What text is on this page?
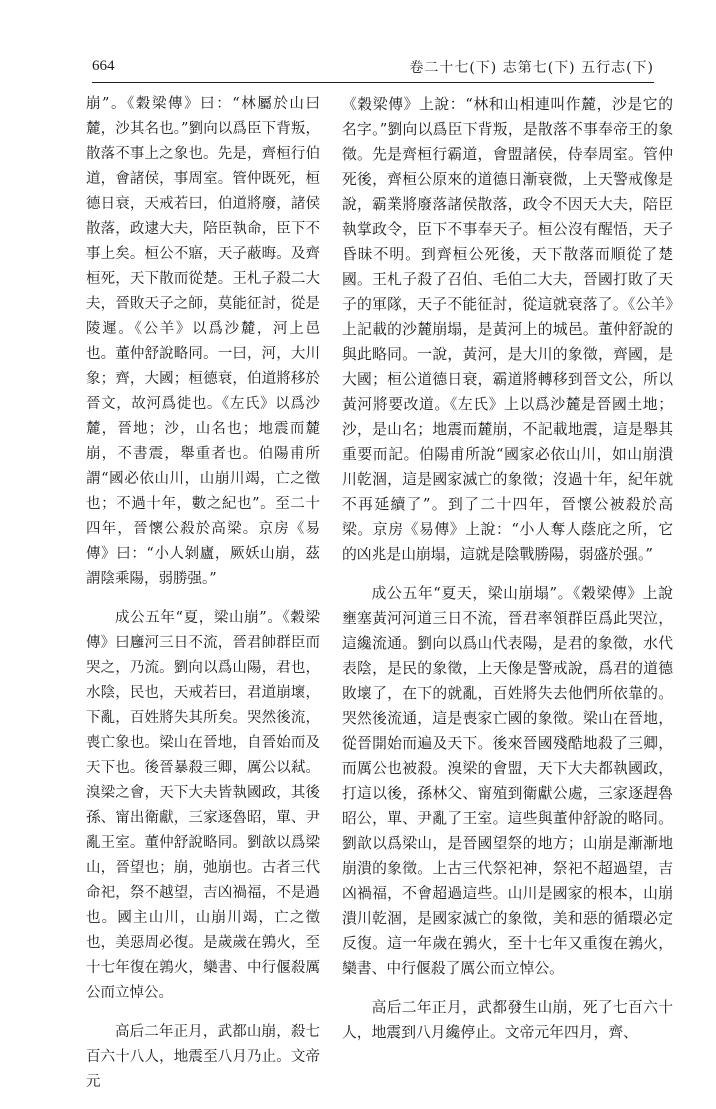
664	卷二十七(下) 志第七(下) 五行志(下)

崩”。《穀梁傳》曰：“林屬於山曰麓，沙其名也。”劉向以爲臣下背叛，散落不事上之象也。先是，齊桓行伯道，會諸侯，事周室。管仲既死，桓德日衰，天戒若曰，伯道將廢，諸侯散落，政逮大夫，陪臣執命，臣下不事上矣。桓公不寤，天子蔽晦。及齊桓死，天下散而從楚。王札子殺二大夫，晉敗天子之師，莫能征討，從是陵遲。《公羊》以爲沙麓，河上邑也。董仲舒說略同。一曰，河，大川象；齊，大國；桓德衰，伯道將移於晉文，故河爲徙也。《左氏》以爲沙麓，晉地；沙，山名也；地震而麓崩，不書震，舉重者也。伯陽甫所謂“國必依山川，山崩川竭，亡之徵也；不過十年，數之紀也”。至二十四年，晉懷公殺於高梁。京房《易傳》曰：“小人剝廬，厥妖山崩，茲謂陰乘陽，弱勝强。”

成公五年“夏，梁山崩”。《穀梁傳》曰廱河三日不流，晉君帥群臣而哭之，乃流。劉向以爲山陽，君也，水陰，民也，天戒若曰，君道崩壞，下亂，百姓將失其所矣。哭然後流，喪亡象也。梁山在晉地，自晉始而及天下也。後晉暴殺三卿，厲公以弒。溴梁之會，天下大夫皆執國政，其後孫、甯出衛獻，三家逐魯昭，單、尹亂王室。董仲舒說略同。劉歆以爲梁山，晉望也；崩，弛崩也。古者三代命祀，祭不越望，吉凶禍福，不是過也。國主山川，山崩川竭，亡之徵也，美惡周必復。是歲歲在鶉火，至十七年復在鶉火，欒書、中行偃殺厲公而立悼公。

高后二年正月，武都山崩，殺七百六十八人，地震至八月乃止。文帝元

《穀梁傳》上說：“林和山相連叫作麓，沙是它的名字。”劉向以爲臣下背叛，是散落不事奉帝王的象徵。先是齊桓行霸道，會盟諸侯，侍奉周室。管仲死後，齊桓公原來的道德日漸衰微，上天警戒像是說，霸業將廢落諸侯散落，政令不因天大夫，陪臣執掌政令，臣下不事奉天子。桓公沒有醒悟，天子昏昧不明。到齊桓公死後，天下散落而順從了楚國。王札子殺了召伯、毛伯二大夫，晉國打敗了天子的軍隊，天子不能征討，從這就衰落了。《公羊》上記載的沙麓崩塌，是黃河上的城邑。董仲舒說的與此略同。一說，黃河，是大川的象徵，齊國，是大國；桓公道德日衰，霸道將轉移到晉文公，所以黃河將要改道。《左氏》上以爲沙麓是晉國土地；沙，是山名；地震而麓崩，不記載地震，這是舉其重要而記。伯陽甫所說“國家必依山川，如山崩潰川乾涸，這是國家滅亡的象徵；沒過十年，紀年就不再延續了”。到了二十四年，晉懷公被殺於高梁。京房《易傳》上說：“小人奪人蔭庇之所，它的凶兆是山崩塌，這就是陰戰勝陽，弱盛於强。”

成公五年“夏天，梁山崩塌”。《穀梁傳》上說壅塞黃河河道三日不流，晉君率領群臣爲此哭泣，這纔流通。劉向以爲山代表陽，是君的象徵，水代表陰，是民的象徵，上天像是警戒說，爲君的道德敗壞了，在下的就亂，百姓將失去他們所依靠的。哭然後流通，這是喪家亡國的象徵。梁山在晉地，從晉開始而遍及天下。後來晉國殘酷地殺了三卿，而厲公也被殺。溴梁的會盟，天下大夫都執國政，打這以後，孫林父、甯殖到衛獻公處，三家逐趕魯昭公，單、尹亂了王室。這些與董仲舒說的略同。劉歆以爲梁山，是晉國望祭的地方；山崩是漸漸地崩潰的象徵。上古三代祭祀神，祭祀不超過望，吉凶禍福，不會超過這些。山川是國家的根本，山崩潰川乾涸，是國家滅亡的象徵，美和惡的循環必定反復。這一年歲在鶉火，至十七年又重復在鶉火，欒書、中行偃殺了厲公而立悼公。

高后二年正月，武都發生山崩，死了七百六十人，地震到八月纔停止。文帝元年四月，齊、
